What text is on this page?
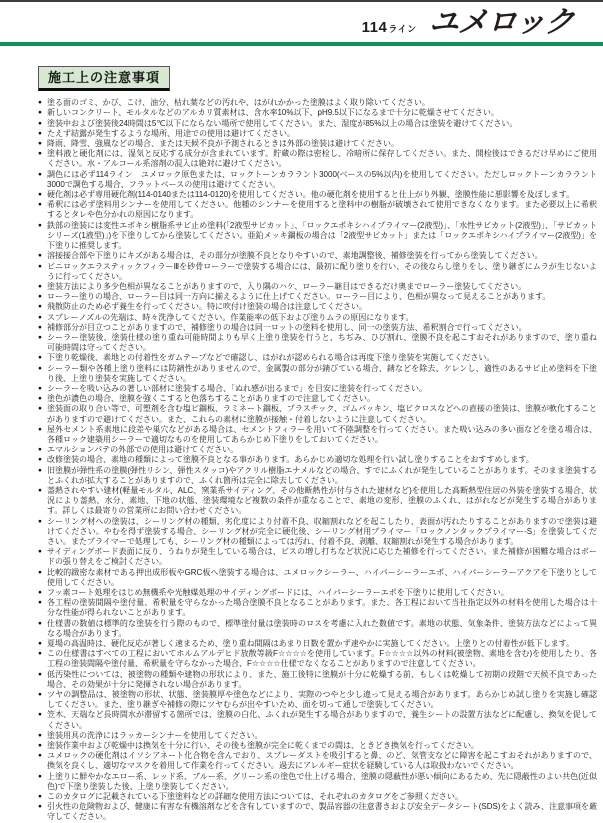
114ライン ユメロック
施工上の注意事項
● 塗る面のゴミ、かび、こけ、油分、枯れ葉などの汚れや、はがれかかった塗膜はよく取り除いてください。
● 新しいコンクリート、モルタルなどのアルカリ質素材は、含水率10%以下、pH9.5以下になるまで十分に乾燥させてください。
● 塗装中および塗装後24時間は5℃以下にならない場所で使用してください。また、湿度が85%以上の場合は塗装を避けてください。
● たえず結露が発生するような場所、用途での使用は避けてください。
● 降雨、降雪、強風などの場合、または天候不良が予測されるときは外部の塗装は避けてください。
● 塗料液と硬化剤には、湿気と反応する成分が含まれています。貯蔵の際は密栓し、冷暗所に保存してください。また、開栓後はできるだけ早めにご使用ください。水・アルコール系溶剤の混入は絶対に避けてください。
● 調色には必ず114ライン　ユメロック原色または、ロックトーンカララント3000(ベースの5%以内)を使用してください。ただしロックトーンカララント3000で調色する場合、フラットベースの使用は避けてください。
● 硬化剤は必ず専用硬化剤(114-0140または114-0120)を使用してください。他の硬化剤を使用すると仕上がり外観、塗膜性能に悪影響を及ぼします。
● 希釈には必ず塗料用シンナーを使用してください。他種のシンナーを使用すると塗料中の樹脂が破壊されて使用できなくなります。また必要以上に希釈するとタレや色分かれの原因になります。
● 鉄部の塗装には変性エポキシ樹脂系サビ止め塗料(「2液型サビカット」、「ロックエポキシハイプライマー(2液型)」、「水性サビカット(2液型)」、「サビカットシリーズ(1液型)」)を下塗りしてから塗装してください。亜鉛メッキ鋼板の場合は「2液型サビカット」または「ロックエポキシハイプライマー(2液型)」を下塗りに推奨します。
● 溶接接合部や下塗りにキズがある場合は、その部分が塗膜不良となりやすいので、素地調整後、補修塗装を行ってから塗装してください。
● ビニロックエラスティックフィラーⅢを砂骨ローラーで塗装する場合には、最初に配り塗りを行い、その後ならし塗りをし、塗り継ぎにムラが生じないように行ってください。
● 塗装方法により多少色相が異なることがありますので、入り隅のハケ、ローラー継目はできるだけ奥までローラー塗装してください。
● ローラー塗りの場合、ローラー目は同一方向に揃えるように仕上げてください。ローラー目により、色相が異なって見えることがあります。
● 飛散防止のため必ず養生を行ってください。特に吹付け塗装の場合は注意してください。
● スプレーノズルの先端は、時々洗浄してください。作業能率の低下および塗りムラの原因になります。
● 補修部分が目立つことがありますので、補修塗りの場合は同一ロットの塗料を使用し、同一の塗装方法、希釈割合で行ってください。
● シーラー塗装後、塗装仕様の塗り重ね可能時間よりも早く上塗り塗装を行うと、ちぢみ、ひび割れ、塗膜不良を起こすおそれがありますので、塗り重ね可能時間は守ってください。
● 下塗り乾燥後、素地との付着性をガムテープなどで確認し、はがれが認められる場合は再度下塗り塗装を実施してください。
● シーラー類や各種上塗り塗料には防錆性がありませんので、金属製の部分が錆びている場合、錆などを除去、ケレンし、適性のあるサビ止め塗料を下塗り後、上塗り塗装を実施してください。
● シーラーを吸い込みの著しい部材に塗装する場合、「ぬれ感が出るまで」を目安に塗装を行ってください。
● 塗色が濃色の場合、塗膜を強くこすると色落ちすることがありますので注意してください。
● 塗装面の取り合い等で、可塑剤を含む塩ビ鋼板、ラミネート鋼板、プラスチック、ゴムパッキン、塩ビクロスなどへの直接の塗装は、塗膜が軟化することがありますので避けてください。また、これらの素材に塗膜が接触・付着しないように注意してください。
● 屋外セメント系素地に段差や巣穴などがある場合は、セメントフィラーを用いて不陸調整を行ってください。また吸い込みの多い面などを塗る場合は、各種ロック建築用シーラーで適切なものを使用してあらかじめ下塗りをしておいてください。
● エマルションパテの外部での使用は避けてください。
● 改修塗装の場合、素地の種類によって塗膜不良となる事があります。あらかじめ適切な処理を行い試し塗りすることをおすすめします。
● 旧塗膜が弾性系の塗膜(弾性リシン、弾性スタッコ)やアクリル樹脂エナメルなどの場合、すでにふくれが発生していることがあります。そのまま塗装するとふくれが拡大することがありますので、ふくれ箇所は完全に除去してください。
● 蓄熱されやすい建材(軽量モルタル、ALC、窯業系サイディング、その他断熱性が付与された建材など)を使用した高断熱型住居の外装を塗装する場合、状況により蓄熱、水分、素地、下地の状態、塗装環境など複数の条件が重なることで、素地の変形、塗膜のふくれ、はがれなどが発生する場合があります。詳しくは最寄りの営業所にお問い合わせください。
● シーリング材への塗装は、シーリング材の種類、劣化度により付着不良、収縮割れなどを起こしたり、表面が汚れたりすることがありますので塗装は避けてください。やむを得ず塗装する場合、シーリング材が完全に硬化後、シーリング材用プライマー「ロックノンタックプライマー-S」を塗装してください。またプライマーで処理しても、シーリング材の種類によっては汚れ、付着不良、剥離、収縮割れが発生する場合があります。
● サイディングボード表面に反り、うねりが発生している場合は、ビスの増し打ちなど状況に応じた補修を行ってください。また補修が困難な場合はボードの張り替えをご検討ください。
● 比較的緻密な素材である押出成形板やGRC板へ塗装する場合は、ユメロックシーラー、ハイパーシーラーエポ、ハイパーシーラーアクアを下塗りとして使用してください。
● フッ素コート処理をはじめ無機系や光触媒処理のサイディングボードには、ハイパーシーラーエポを下塗りに使用してください。
● 各工程の塗装間隔や塗付量、希釈量を守らなかった場合塗膜不良となることがあります。また、各工程において当社指定以外の材料を使用した場合は十分な性能が得られないことがあります。
● 仕様書の数値は標準的な塗装を行う際のもので、標準塗付量は塗装時のロスを考慮に入れた数値です。素地の状態、気象条件、塗装方法などによって異なる場合があります。
● 夏場の高温時は、硬化反応が著しく速まるため、塗り重ね間隔はあまり日数を置かず速やかに実施してください。上塗りとの付着性が低下します。
● この仕様書はすべての工程においてホルムアルデヒド放散等級F☆☆☆☆を使用しています。F☆☆☆☆以外の材料(被塗物、素地を含む)を使用したり、各工程の塗装間隔や塗付量、希釈量を守らなかった場合、F☆☆☆☆仕様でなくなることがありますので注意してください。
● 低汚染性については、被塗物の種類や建物の形状により、また、施工後特に塗膜が十分に乾燥する前、もしくは乾燥して初期の段階で天候不良であった場合、その効果が十分に発揮されない場合があります。
● ツヤの調整品は、被塗物の形状、状態、塗装膜厚や塗色などにより、実際のつやと少し違って見える場合があります。あらかじめ試し塗りを実施し確認してください。また、塗り継ぎや補修の際にツヤむらが出やすいため、面を切って通しで塗装してください。
● 笠木、天端など長時間水が滞留する箇所では、塗膜の白化、ふくれが発生する場合がありますので、養生シートの設置方法などに配慮し、換気を促してください。
● 塗装用具の洗浄にはラッカーシンナーを使用してください。
● 塗装作業中および乾燥中は換気を十分に行い、その後も塗膜が完全に乾くまでの間は、ときどき換気を行ってください。
● ユメロックの硬化剤はイソシアネート化合物を含んでおり、スプレーダストを吸引すると鼻、のど、気管支などに障害を起こすおそれがありますので、換気を良くし、適切なマスクを着用して作業を行ってください。過去にアレルギー症状を経験している人は取扱わないでください。
● 上塗りに鮮やかなエロー系、レッド系、ブルー系、グリーン系の塗色で仕上げる場合、塗膜の隠蔽性が悪い傾向にあるため、先に隠蔽性のよい共色(近似色)で下塗り塗装した後、上塗り塗装してください。
● このカタログに記載されている下塗塗料などの詳細な使用方法については、それぞれのカタログをご参照ください。
● 引火性の危険物および、健康に有害な有機溶剤などを含有していますので、製品容器の注意書きおよび安全データシート(SDS)をよく読み、注意事項を厳守してください。
